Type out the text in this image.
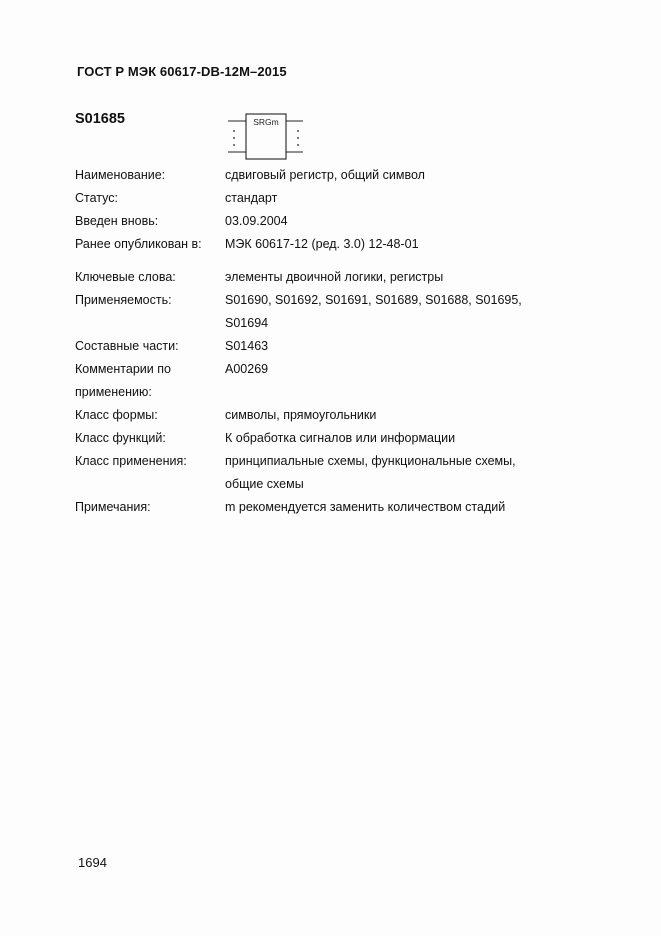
ГОСТ Р МЭК 60617-DB-12M–2015
S01685	SRGm
Наименование:	сдвиговый регистр, общий символ
Статус:	стандарт
Введен вновь:	03.09.2004
Ранее опубликован в:	МЭК 60617-12 (ред. 3.0) 12-48-01
Ключевые слова:	элементы двоичной логики, регистры
Применяемость:	S01690, S01692, S01691, S01689, S01688, S01695, S01694
Составные части:	S01463
Комментарии по применению:
A00269
Класс формы:	символы, прямоугольники
Класс функций:	К обработка сигналов или информации
Класс применения:	принципиальные схемы, функциональные схемы, общие схемы
Примечания:	m рекомендуется заменить количеством стадий
1694
